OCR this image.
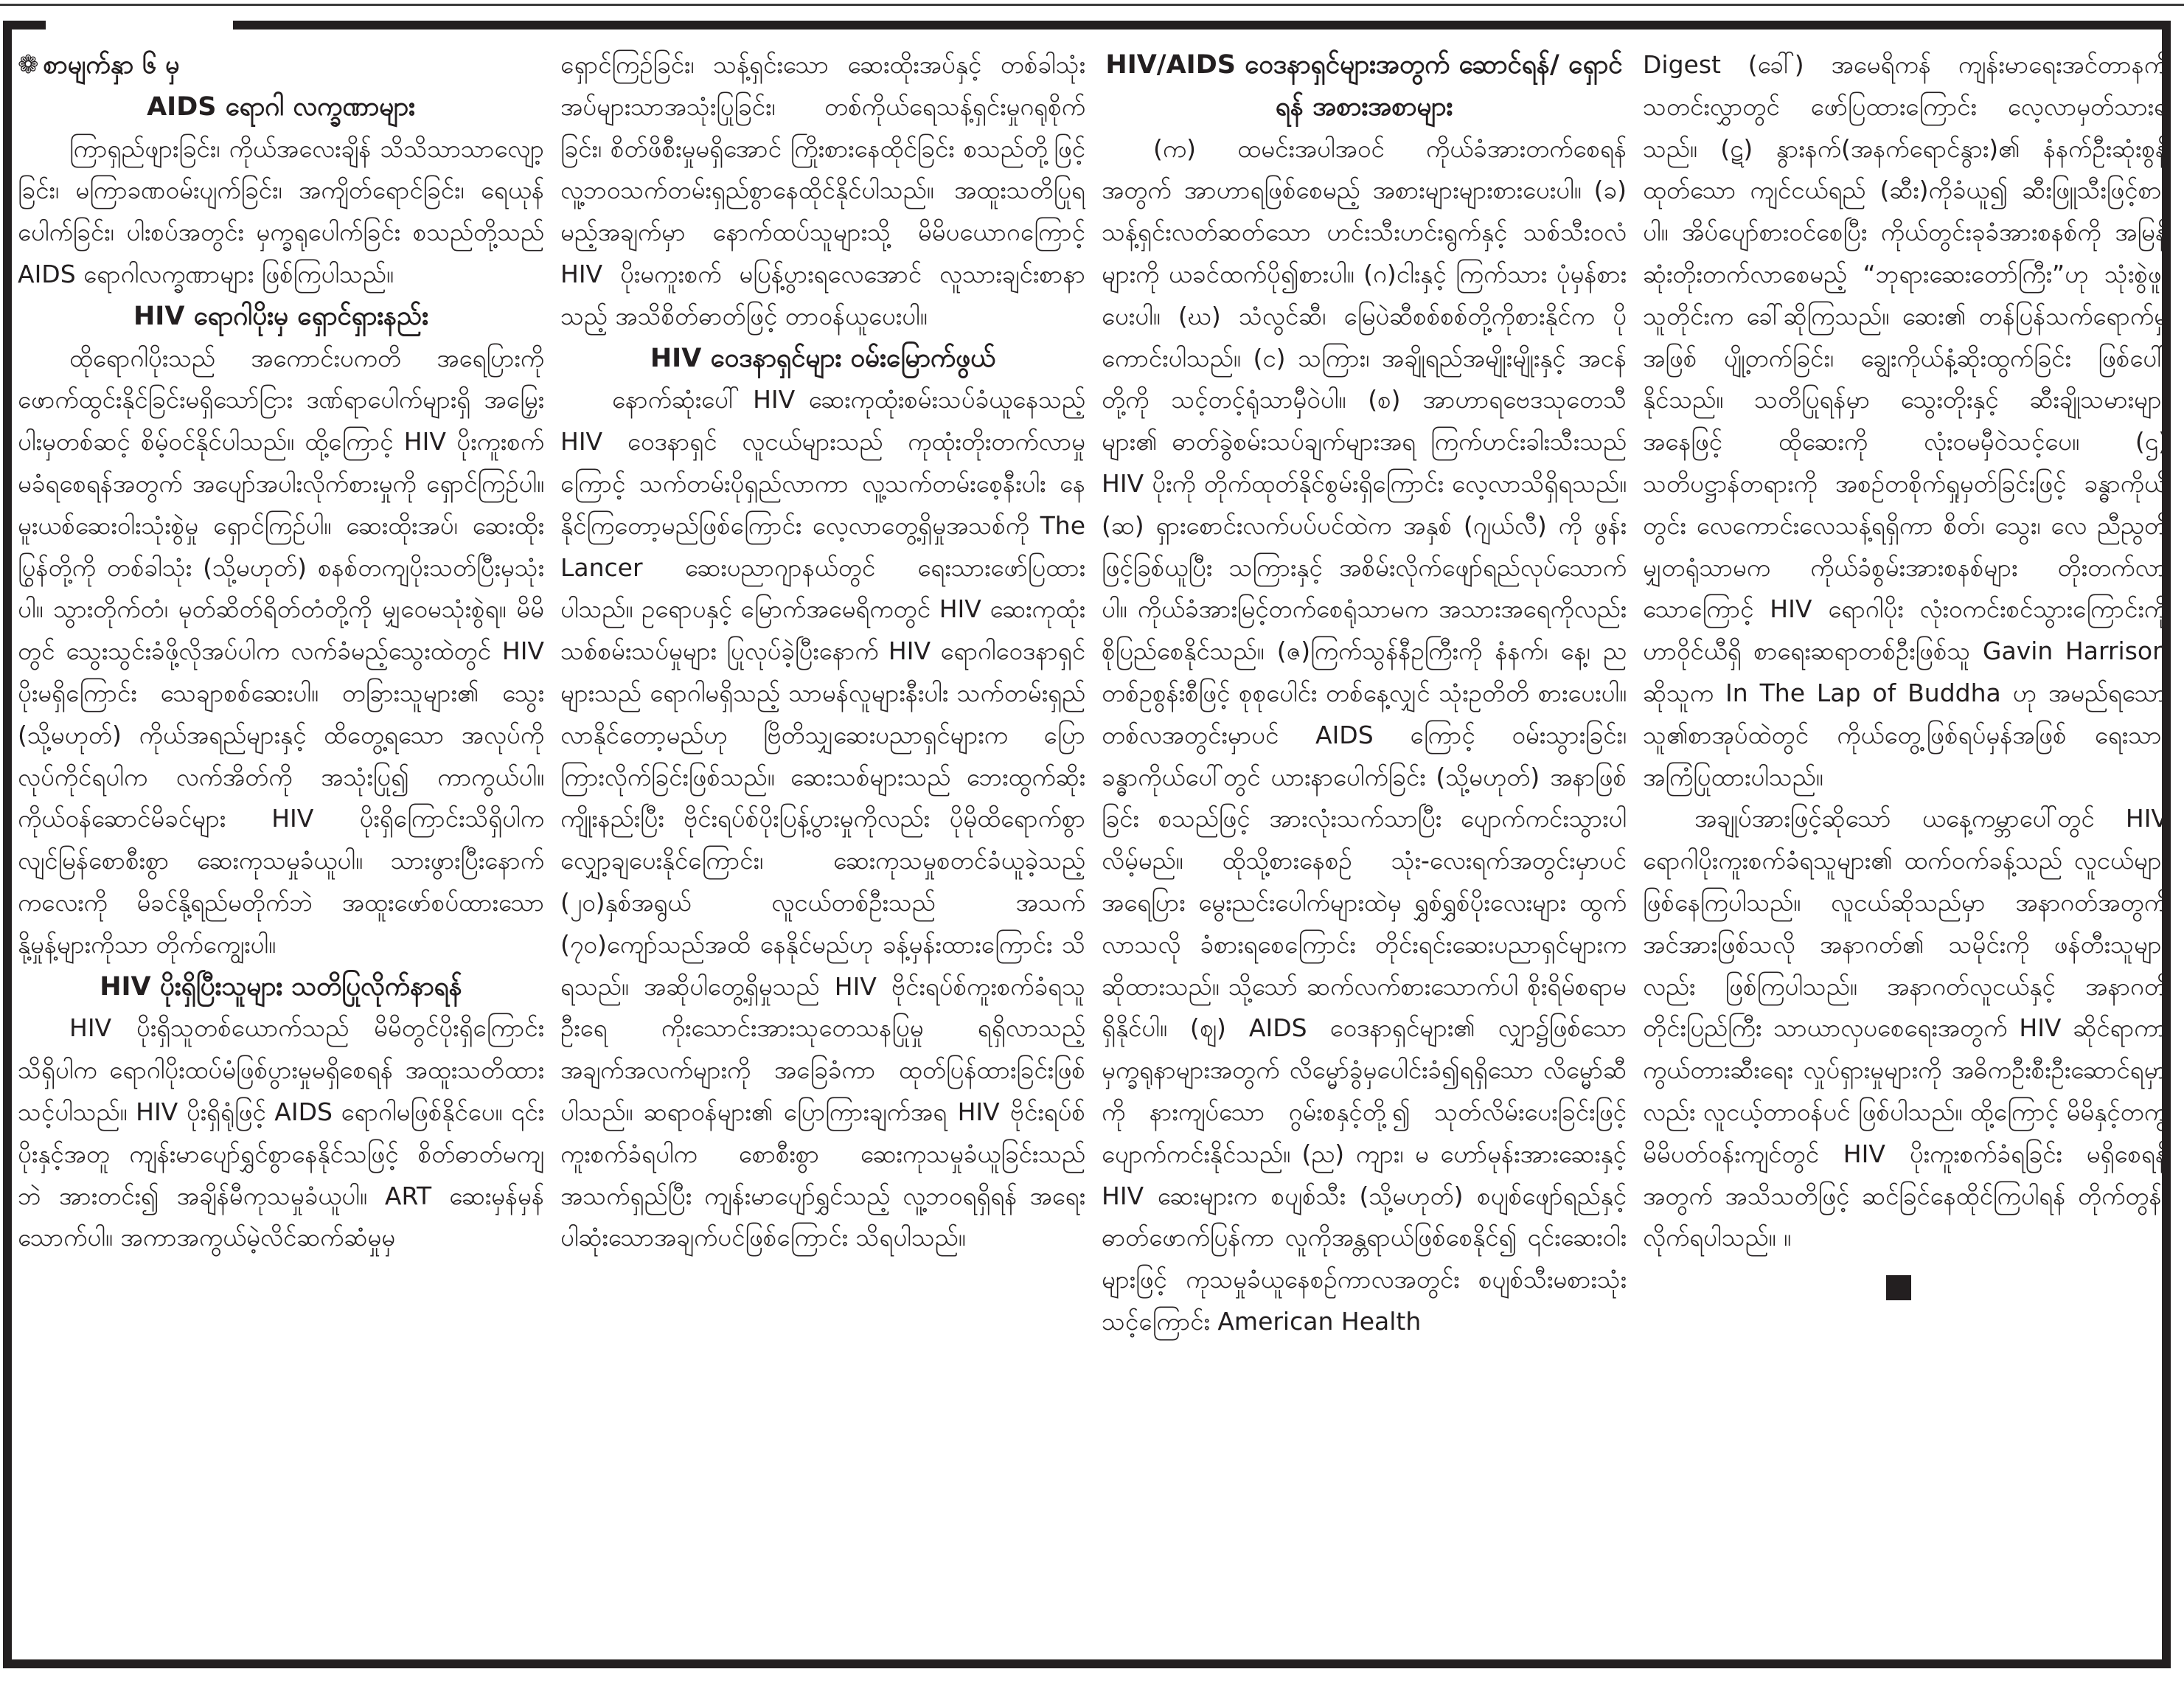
❁ စာမျက်နှာ ၆ မှ

AIDS ရောဂါ လက္ခဏာများ

ကြာရှည်ဖျားခြင်း၊ ကိုယ်အလေးချိန် သိသိသာသာလျော့ခြင်း၊ မကြာခဏဝမ်းပျက်ခြင်း၊ အကျိတ်ရောင်ခြင်း၊ ရေယုန်ပေါက်ခြင်း၊ ပါးစပ်အတွင်း မှက္ခရုပေါက်ခြင်း စသည်တို့သည် AIDS ရောဂါလက္ခဏာများ ဖြစ်ကြပါသည်။

HIV ရောဂါပိုးမှ ရှောင်ရှားနည်း

ထိုရောဂါပိုးသည် အကောင်းပကတိ အရေပြားကို ဖောက်ထွင်းနိုင်ခြင်းမရှိသော်ငြား ဒဏ်ရာပေါက်များရှိ အမြှေးပါးမှတစ်ဆင့် စိမ့်ဝင်နိုင်ပါသည်။ ထို့ကြောင့် HIV ပိုးကူးစက်မခံရစေရန်အတွက် အပျော်အပါးလိုက်စားမှုကို ရှောင်ကြဉ်ပါ။ မူးယစ်ဆေးဝါးသုံးစွဲမှု ရှောင်ကြဉ်ပါ။ ဆေးထိုးအပ်၊ ဆေးထိုးပြွန်တို့ကို တစ်ခါသုံး (သို့မဟုတ်) စနစ်တကျပိုးသတ်ပြီးမှသုံးပါ။ သွားတိုက်တံ၊ မုတ်ဆိတ်ရိတ်တံတို့ကို မျှဝေမသုံးစွဲရ။ မိမိတွင် သွေးသွင်းခံဖို့လိုအပ်ပါက လက်ခံမည့်သွေးထဲတွင် HIV ပိုးမရှိကြောင်း သေချာစစ်ဆေးပါ။ တခြားသူများ၏ သွေး (သို့မဟုတ်) ကိုယ်အရည်များနှင့် ထိတွေ့ရသော အလုပ်ကို လုပ်ကိုင်ရပါက လက်အိတ်ကို အသုံးပြု၍ ကာကွယ်ပါ။ ကိုယ်ဝန်ဆောင်မိခင်များ HIV ပိုးရှိကြောင်းသိရှိပါက လျင်မြန်စောစီးစွာ ဆေးကုသမှုခံယူပါ။ သားဖွားပြီးနောက် ကလေးကို မိခင်နို့ရည်မတိုက်ဘဲ အထူးဖော်စပ်ထားသော နို့မှုန့်များကိုသာ တိုက်ကျွေးပါ။

HIV ပိုးရှိပြီးသူများ သတိပြုလိုက်နာရန်

HIV ပိုးရှိသူတစ်ယောက်သည် မိမိတွင်ပိုးရှိကြောင်း သိရှိပါက ရောဂါပိုးထပ်မံဖြစ်ပွားမှုမရှိစေရန် အထူးသတိထားသင့်ပါသည်။ HIV ပိုးရှိရုံဖြင့် AIDS ရောဂါမဖြစ်နိုင်ပေ။ ၎င်းပိုးနှင့်အတူ ကျန်းမာပျော်ရွှင်စွာနေနိုင်သဖြင့် စိတ်ဓာတ်မကျဘဲ အားတင်း၍ အချိန်မီကုသမှုခံယူပါ။ ART ဆေးမှန်မှန်သောက်ပါ။ အကာအကွယ်မဲ့လိင်ဆက်ဆံမှုမှ

ရှောင်ကြဉ်ခြင်း၊ သန့်ရှင်းသော ဆေးထိုးအပ်နှင့် တစ်ခါသုံးအပ်များသာအသုံးပြုခြင်း၊ တစ်ကိုယ်ရေသန့်ရှင်းမှုဂရုစိုက်ခြင်း၊ စိတ်ဖိစီးမှုမရှိအောင် ကြိုးစားနေထိုင်ခြင်း စသည်တို့ဖြင့် လူ့ဘဝသက်တမ်းရှည်စွာနေထိုင်နိုင်ပါသည်။ အထူးသတိပြုရမည့်အချက်မှာ နောက်ထပ်သူများသို့ မိမိပယောဂကြောင့် HIV ပိုးမကူးစက် မပြန့်ပွားရလေအောင် လူသားချင်းစာနာသည့် အသိစိတ်ဓာတ်ဖြင့် တာဝန်ယူပေးပါ။

HIV ဝေဒနာရှင်များ ဝမ်းမြောက်ဖွယ်

နောက်ဆုံးပေါ် HIV ဆေးကုထုံးစမ်းသပ်ခံယူနေသည့် HIV ဝေဒနာရှင် လူငယ်များသည် ကုထုံးတိုးတက်လာမှုကြောင့် သက်တမ်းပိုရှည်လာကာ လူ့သက်တမ်းစေ့နီးပါး နေနိုင်ကြတော့မည်ဖြစ်ကြောင်း လေ့လာတွေ့ရှိမှုအသစ်ကို The Lancer ဆေးပညာဂျာနယ်တွင် ရေးသားဖော်ပြထားပါသည်။ ဥရောပနှင့် မြောက်အမေရိကတွင် HIV ဆေးကုထုံးသစ်စမ်းသပ်မှုများ ပြုလုပ်ခဲ့ပြီးနောက် HIV ရောဂါဝေဒနာရှင်များသည် ရောဂါမရှိသည့် သာမန်လူများနီးပါး သက်တမ်းရှည်လာနိုင်တော့မည်ဟု ဗြိတိသျှဆေးပညာရှင်များက ပြောကြားလိုက်ခြင်းဖြစ်သည်။ ဆေးသစ်များသည် ဘေးထွက်ဆိုးကျိုးနည်းပြီး ဗိုင်းရပ်စ်ပိုးပြန့်ပွားမှုကိုလည်း ပိုမိုထိရောက်စွာလျှော့ချပေးနိုင်ကြောင်း၊ ဆေးကုသမှုစတင်ခံယူခဲ့သည့် (၂၀)နှစ်အရွယ် လူငယ်တစ်ဦးသည် အသက် (၇၀)ကျော်သည်အထိ နေနိုင်မည်ဟု ခန့်မှန်းထားကြောင်း သိရသည်။ အဆိုပါတွေ့ရှိမှုသည် HIV ဗိုင်းရပ်စ်ကူးစက်ခံရသူဦးရေ ကိုးသောင်းအားသုတေသနပြုမှု ရရှိလာသည့်အချက်အလက်များကို အခြေခံကာ ထုတ်ပြန်ထားခြင်းဖြစ်ပါသည်။ ဆရာဝန်များ၏ ပြောကြားချက်အရ HIV ဗိုင်းရပ်စ်ကူးစက်ခံရပါက စောစီးစွာ ဆေးကုသမှုခံယူခြင်းသည် အသက်ရှည်ပြီး ကျန်းမာပျော်ရွှင်သည့် လူ့ဘဝရရှိရန် အရေးပါဆုံးသောအချက်ပင်ဖြစ်ကြောင်း သိရပါသည်။

HIV/AIDS ဝေဒနာရှင်များအတွက် ဆောင်ရန်/ ရှောင်ရန် အစားအစာများ

(က) ထမင်းအပါအဝင် ကိုယ်ခံအားတက်စေရန်အတွက် အာဟာရဖြစ်စေမည့် အစားများများစားပေးပါ။ (ခ) သန့်ရှင်းလတ်ဆတ်သော ဟင်းသီးဟင်းရွက်နှင့် သစ်သီးဝလံများကို ယခင်ထက်ပို၍စားပါ။ (ဂ)ငါးနှင့် ကြက်သား ပုံမှန်စားပေးပါ။ (ဃ) သံလွင်ဆီ၊ မြေပဲဆီစစ်စစ်တို့ကိုစားနိုင်က ပိုကောင်းပါသည်။ (င) သကြား၊ အချိုရည်အမျိုးမျိုးနှင့် အငန်တို့ကို သင့်တင့်ရုံသာမှီဝဲပါ။ (စ) အာဟာရဗေဒသုတေသီများ၏ ဓာတ်ခွဲစမ်းသပ်ချက်များအရ ကြက်ဟင်းခါးသီးသည် HIV ပိုးကို တိုက်ထုတ်နိုင်စွမ်းရှိကြောင်း လေ့လာသိရှိရသည်။ (ဆ) ရှားစောင်းလက်ပပ်ပင်ထဲက အနှစ် (ဂျယ်လီ) ကို ဖွန်းဖြင့်ခြစ်ယူပြီး သကြားနှင့် အစိမ်းလိုက်ဖျော်ရည်လုပ်သောက်ပါ။ ကိုယ်ခံအားမြင့်တက်စေရုံသာမက အသားအရေကိုလည်း စိုပြည်စေနိုင်သည်။ (ဇ)ကြက်သွန်နီဥကြီးကို နံနက်၊ နေ့၊ ည တစ်ဥစွန်းစီဖြင့် စုစုပေါင်း တစ်နေ့လျှင် သုံးဥတိတိ စားပေးပါ။ တစ်လအတွင်းမှာပင် AIDS ကြောင့် ဝမ်းသွားခြင်း၊ ခန္ဓာကိုယ်ပေါ်တွင် ယားနာပေါက်ခြင်း (သို့မဟုတ်) အနာဖြစ်ခြင်း စသည်ဖြင့် အားလုံးသက်သာပြီး ပျောက်ကင်းသွားပါလိမ့်မည်။ ထိုသို့စားနေစဉ် သုံး-လေးရက်အတွင်းမှာပင် အရေပြား မွေးညင်းပေါက်များထဲမှ ရွှစ်ရွှစ်ပိုးလေးများ ထွက်လာသလို ခံစားရစေကြောင်း တိုင်းရင်းဆေးပညာရှင်များက ဆိုထားသည်။ သို့သော် ဆက်လက်စားသောက်ပါ စိုးရိမ်စရာမရှိနိုင်ပါ။ (ဈ) AIDS ဝေဒနာရှင်များ၏ လျှာ၌ဖြစ်သော မှက္ခရုနာများအတွက် လိမ္မော်ခွံမှပေါင်းခံ၍ရရှိသော လိမ္မော်ဆီကို နားကျပ်သော ဂွမ်းစနှင့်တို့၍ သုတ်လိမ်းပေးခြင်းဖြင့် ပျောက်ကင်းနိုင်သည်။ (ည) ကျား၊ မ ဟော်မုန်းအားဆေးနှင့် HIV ဆေးများက စပျစ်သီး (သို့မဟုတ်) စပျစ်ဖျော်ရည်နှင့် ဓာတ်ဖောက်ပြန်ကာ လူကိုအန္တရာယ်ဖြစ်စေနိုင်၍ ၎င်းဆေးဝါးများဖြင့် ကုသမှုခံယူနေစဉ်ကာလအတွင်း စပျစ်သီးမစားသုံးသင့်ကြောင်း American Health

Digest (ခေါ်) အမေရိကန် ကျန်းမာရေးအင်တာနက်သတင်းလွှာတွင် ဖော်ပြထားကြောင်း လေ့လာမှတ်သားရသည်။ (ဋ) နွားနက်(အနက်ရောင်နွား)၏ နံနက်ဦးဆုံးစွန့်ထုတ်သော ကျင်ငယ်ရည် (ဆီး)ကိုခံယူ၍ ဆီးဖြူသီးဖြင့်စားပါ။ အိပ်ပျော်စားဝင်စေပြီး ကိုယ်တွင်းခုခံအားစနစ်ကို အမြန်ဆုံးတိုးတက်လာစေမည့် “ဘုရားဆေးတော်ကြီး”ဟု သုံးစွဲဖူးသူတိုင်းက ခေါ်ဆိုကြသည်။ ဆေး၏ တန်ပြန်သက်ရောက်မှုအဖြစ် ပျို့တက်ခြင်း၊ ချွေးကိုယ်နံ့ဆိုးထွက်ခြင်း ဖြစ်ပေါ်နိုင်သည်။ သတိပြုရန်မှာ သွေးတိုးနှင့် ဆီးချိုသမားများအနေဖြင့် ထိုဆေးကို လုံးဝမမှီဝဲသင့်ပေ။ (ဌ) သတိပဋ္ဌာန်တရားကို အစဉ်တစိုက်ရှုမှတ်ခြင်းဖြင့် ခန္ဓာကိုယ်တွင်း လေကောင်းလေသန့်ရရှိကာ စိတ်၊ သွေး၊ လေ ညီညွတ်မျှတရုံသာမက ကိုယ်ခံစွမ်းအားစနစ်များ တိုးတက်လာသောကြောင့် HIV ရောဂါပိုး လုံးဝကင်းစင်သွားကြောင်းကို ဟာဝိုင်ယီရှိ စာရေးဆရာတစ်ဦးဖြစ်သူ Gavin Harrison ဆိုသူက In The Lap of Buddha ဟု အမည်ရသော သူ၏စာအုပ်ထဲတွင် ကိုယ်တွေ့ဖြစ်ရပ်မှန်အဖြစ် ရေးသားအကြံပြုထားပါသည်။

အချုပ်အားဖြင့်ဆိုသော် ယနေ့ကမ္ဘာပေါ်တွင် HIV ရောဂါပိုးကူးစက်ခံရသူများ၏ ထက်ဝက်ခန့်သည် လူငယ်များဖြစ်နေကြပါသည်။ လူငယ်ဆိုသည်မှာ အနာဂတ်အတွက် အင်အားဖြစ်သလို အနာဂတ်၏ သမိုင်းကို ဖန်တီးသူများလည်း ဖြစ်ကြပါသည်။ အနာဂတ်လူငယ်နှင့် အနာဂတ်တိုင်းပြည်ကြီး သာယာလှပစေရေးအတွက် HIV ဆိုင်ရာကာကွယ်တားဆီးရေး လှုပ်ရှားမှုများကို အဓိကဦးစီးဦးဆောင်ရမှာလည်း လူငယ့်တာဝန်ပင် ဖြစ်ပါသည်။ ထို့ကြောင့် မိမိနှင့်တကွ မိမိပတ်ဝန်းကျင်တွင် HIV ပိုးကူးစက်ခံရခြင်း မရှိစေရန် အတွက် အသိသတိဖြင့် ဆင်ခြင်နေထိုင်ကြပါရန် တိုက်တွန်းလိုက်ရပါသည်။ ။
